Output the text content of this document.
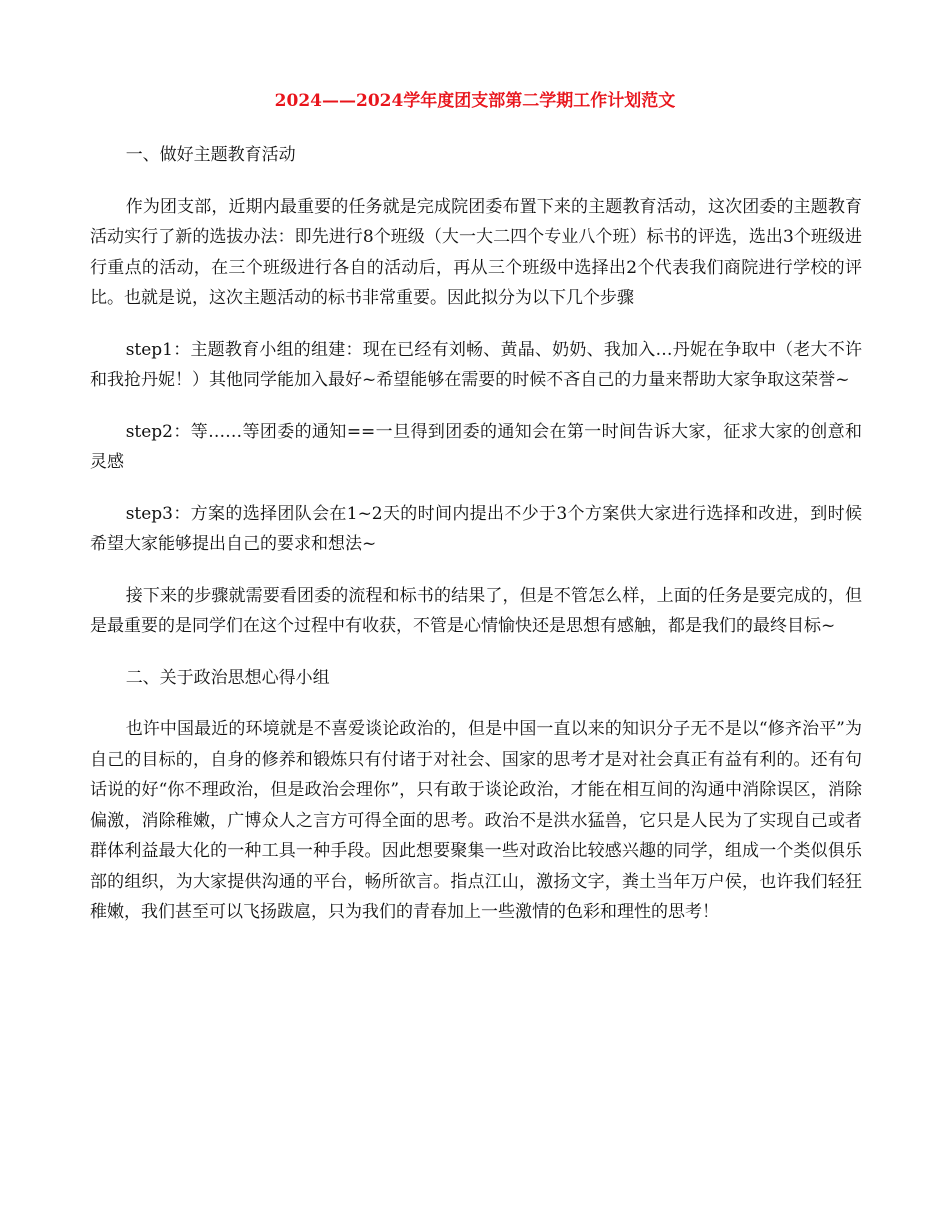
2024——2024学年度团支部第二学期工作计划范文

一、做好主题教育活动

作为团支部，近期内最重要的任务就是完成院团委布置下来的主题教育活动，这次团委的主题教育活动实行了新的选拔办法：即先进行8个班级（大一大二四个专业八个班）标书的评选，选出3个班级进行重点的活动，在三个班级进行各自的活动后，再从三个班级中选择出2个代表我们商院进行学校的评比。也就是说，这次主题活动的标书非常重要。因此拟分为以下几个步骤

step1：主题教育小组的组建：现在已经有刘畅、黄晶、奶奶、我加入…丹妮在争取中（老大不许和我抢丹妮！）其他同学能加入最好~希望能够在需要的时候不吝自己的力量来帮助大家争取这荣誉~

step2：等……等团委的通知==一旦得到团委的通知会在第一时间告诉大家，征求大家的创意和灵感

step3：方案的选择团队会在1~2天的时间内提出不少于3个方案供大家进行选择和改进，到时候希望大家能够提出自己的要求和想法~

接下来的步骤就需要看团委的流程和标书的结果了，但是不管怎么样，上面的任务是要完成的，但是最重要的是同学们在这个过程中有收获，不管是心情愉快还是思想有感触，都是我们的最终目标~

二、关于政治思想心得小组

也许中国最近的环境就是不喜爱谈论政治的，但是中国一直以来的知识分子无不是以“修齐治平”为自己的目标的，自身的修养和锻炼只有付诸于对社会、国家的思考才是对社会真正有益有利的。还有句话说的好“你不理政治，但是政治会理你”，只有敢于谈论政治，才能在相互间的沟通中消除误区，消除偏激，消除稚嫩，广博众人之言方可得全面的思考。政治不是洪水猛兽，它只是人民为了实现自己或者群体利益最大化的一种工具一种手段。因此想要聚集一些对政治比较感兴趣的同学，组成一个类似俱乐部的组织，为大家提供沟通的平台，畅所欲言。指点江山，激扬文字，粪土当年万户侯，也许我们轻狂稚嫩，我们甚至可以飞扬跋扈，只为我们的青春加上一些激情的色彩和理性的思考！
